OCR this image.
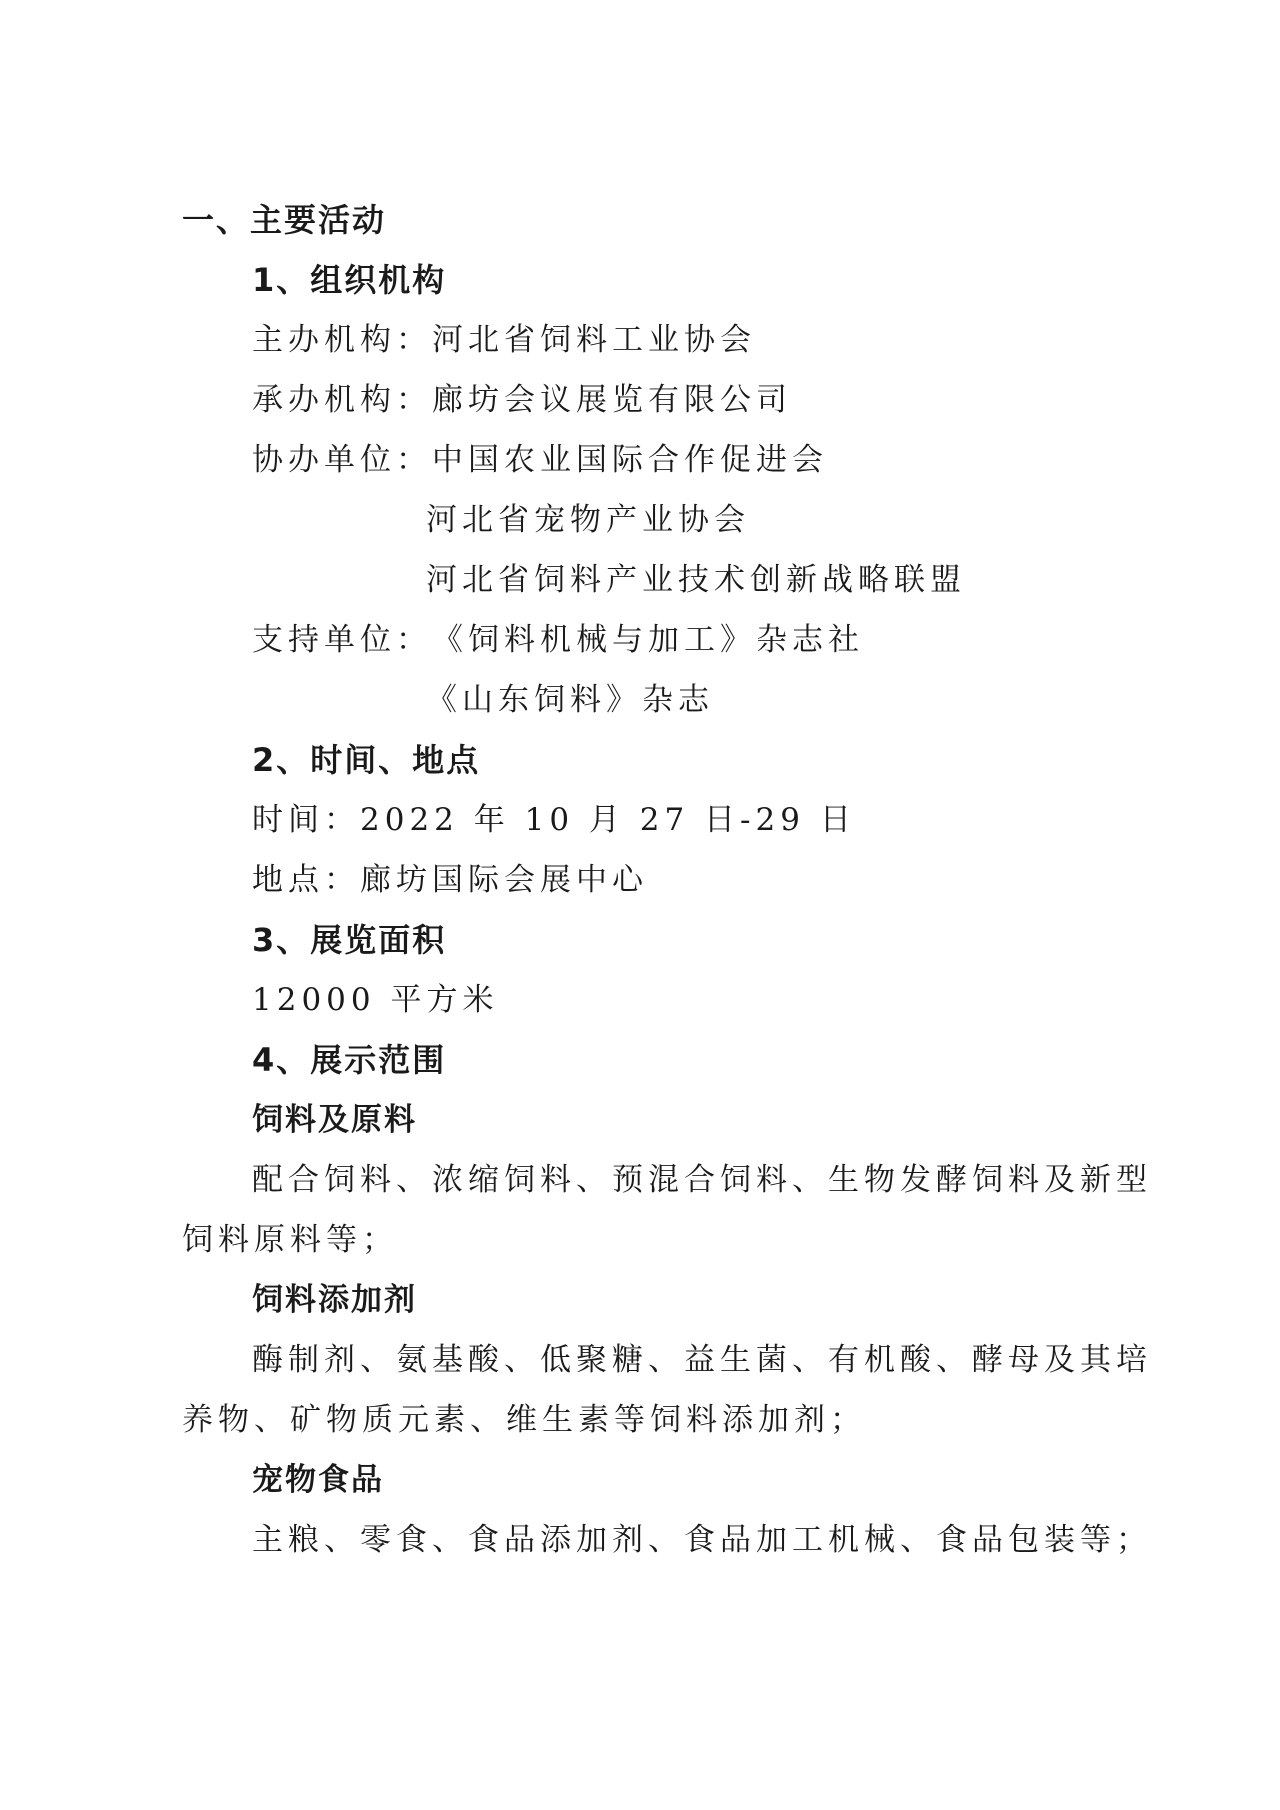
一、主要活动
1、组织机构
主办机构：河北省饲料工业协会
承办机构：廊坊会议展览有限公司
协办单位：中国农业国际合作促进会
河北省宠物产业协会
河北省饲料产业技术创新战略联盟
支持单位：《饲料机械与加工》杂志社
《山东饲料》杂志
2、时间、地点
时间：2022 年 10 月 27 日-29 日
地点：廊坊国际会展中心
3、展览面积
12000 平方米
4、展示范围
饲料及原料
配合饲料、浓缩饲料、预混合饲料、生物发酵饲料及新型
饲料原料等；
饲料添加剂
酶制剂、氨基酸、低聚糖、益生菌、有机酸、酵母及其培
养物、矿物质元素、维生素等饲料添加剂；
宠物食品
主粮、零食、食品添加剂、食品加工机械、食品包装等；
